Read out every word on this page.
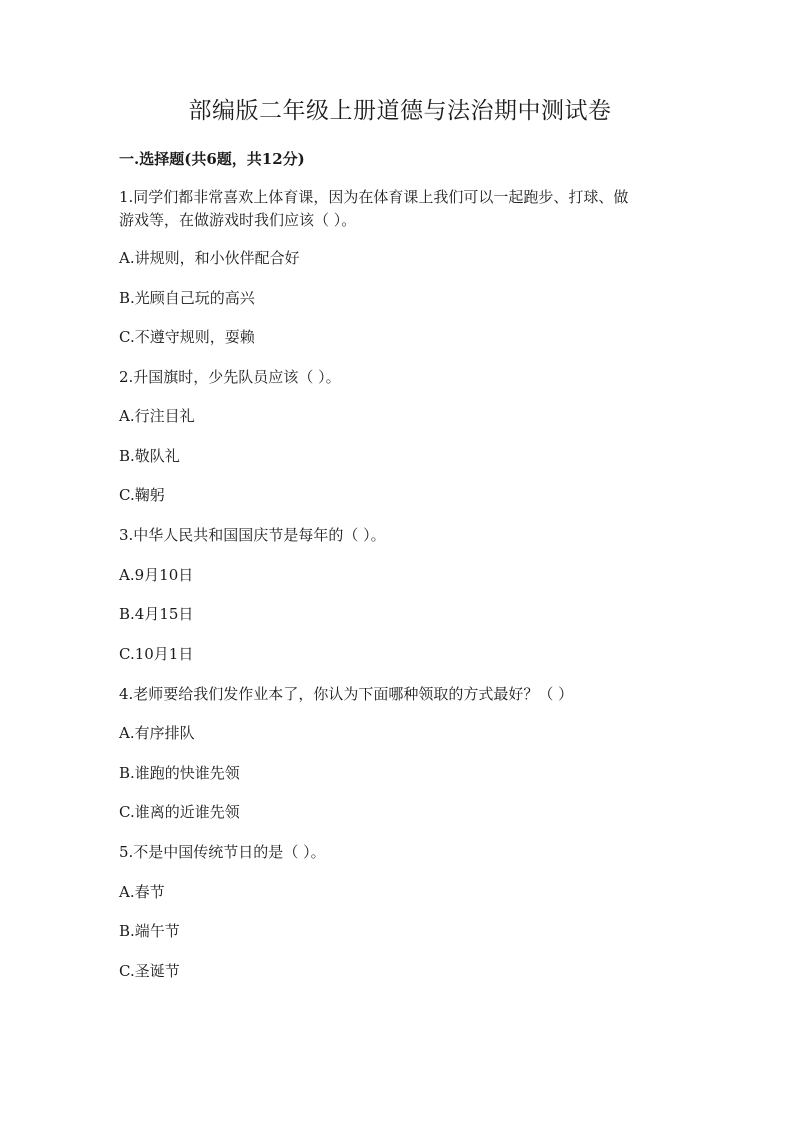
部编版二年级上册道德与法治期中测试卷
一.选择题(共6题，共12分)
1.同学们都非常喜欢上体育课，因为在体育课上我们可以一起跑步、打球、做
游戏等，在做游戏时我们应该（ ）。
A.讲规则，和小伙伴配合好
B.光顾自己玩的高兴
C.不遵守规则，耍赖
2.升国旗时，少先队员应该（ ）。
A.行注目礼
B.敬队礼
C.鞠躬
3.中华人民共和国国庆节是每年的（ ）。
A.9月10日
B.4月15日
C.10月1日
4.老师要给我们发作业本了，你认为下面哪种领取的方式最好？（ ）
A.有序排队
B.谁跑的快谁先领
C.谁离的近谁先领
5.不是中国传统节日的是（ ）。
A.春节
B.端午节
C.圣诞节
